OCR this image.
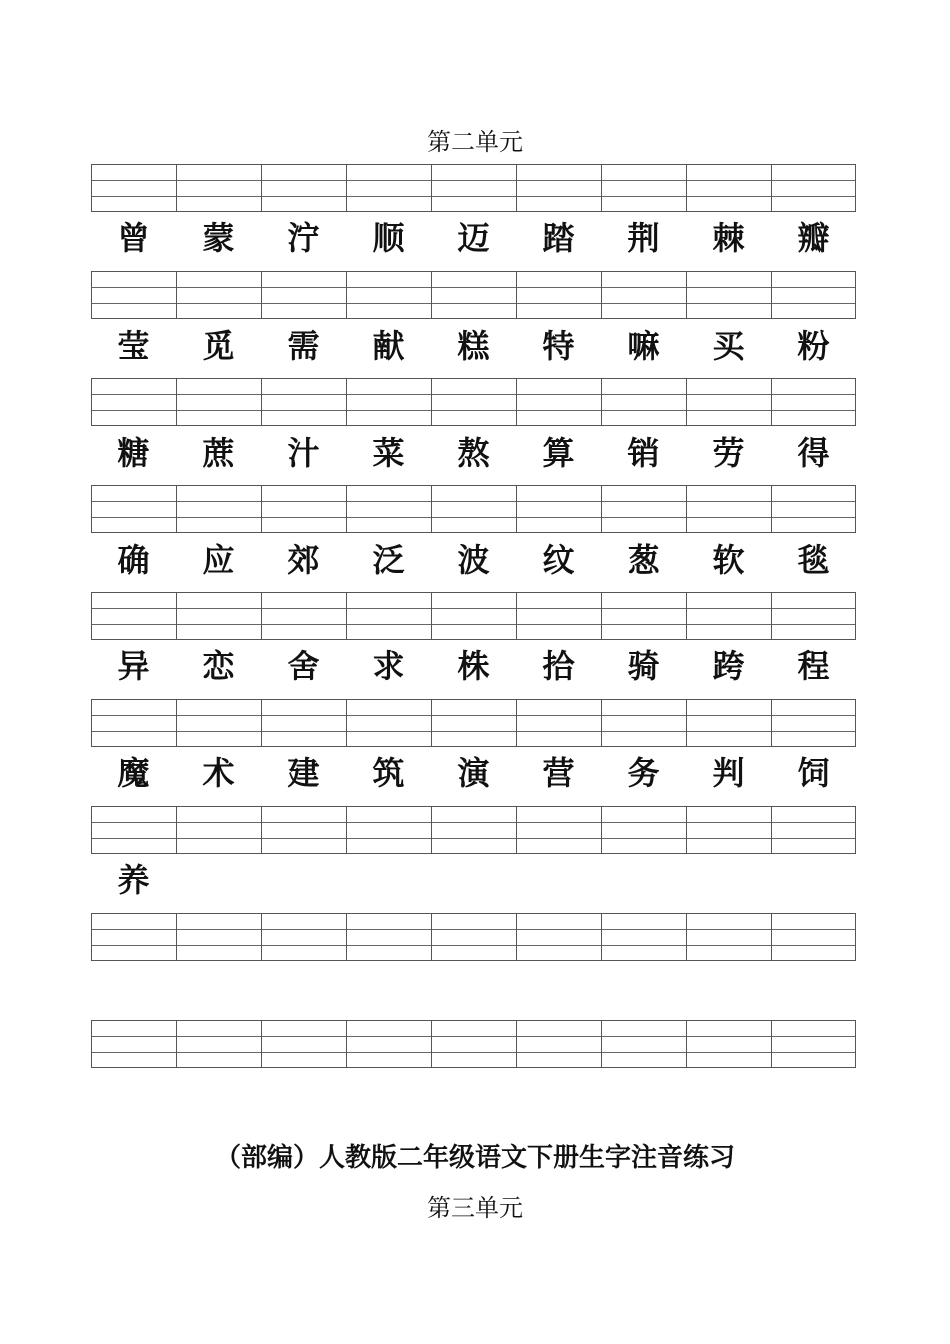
第二单元
曾	蒙	泞	顺	迈	踏	荆	棘	瓣
莹	觅	需	献	糕	特	嘛	买	粉
糖	蔗	汁	菜	熬	算	销	劳	得
确	应	郊	泛	波	纹	葱	软	毯
异	恋	舍	求	株	拾	骑	跨	程
魔	术	建	筑	演	营	务	判	饲
养
（部编）人教版二年级语文下册生字注音练习
第三单元
